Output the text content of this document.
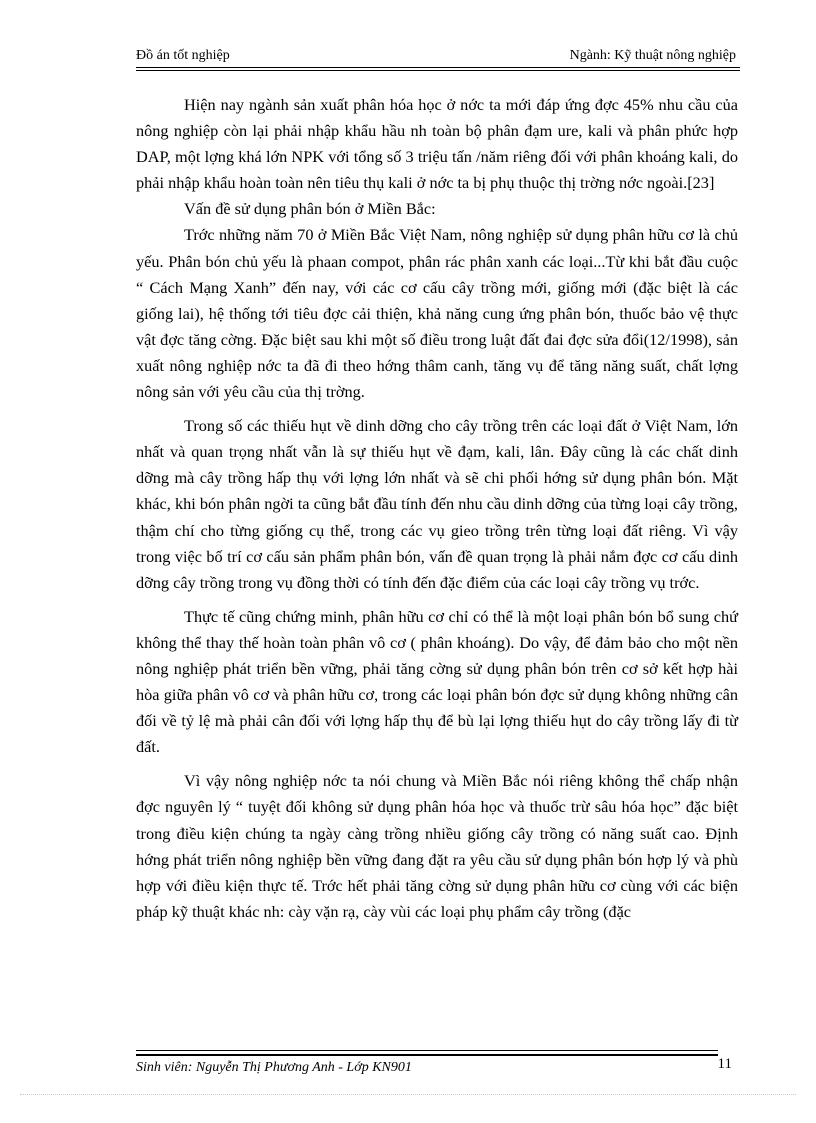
Đồ án tốt nghiệp	Ngành: Kỹ thuật nông nghiệp

Hiện nay ngành sản xuất phân hóa học ở nớc ta mới đáp ứng đợc 45% nhu cầu của nông nghiệp còn lại phải nhập khẩu hầu nh toàn bộ phân đạm ure, kali và phân phức hợp DAP, một lợng khá lớn NPK với tổng số 3 triệu tấn /năm riêng đối với phân khoáng kali, do phải nhập khẩu hoàn toàn nên tiêu thụ kali ở nớc ta bị phụ thuộc thị trờng nớc ngoài.[23]

Vấn đề sử dụng phân bón ở Miền Bắc:

Trớc những năm 70 ở Miền Bắc Việt Nam, nông nghiệp sử dụng phân hữu cơ là chủ yếu. Phân bón chủ yếu là phaan compot, phân rác phân xanh các loại...Từ khi bắt đầu cuộc “ Cách Mạng Xanh” đến nay, với các cơ cấu cây trồng mới, giống mới (đặc biệt là các giống lai), hệ thống tới tiêu đợc cải thiện, khả năng cung ứng phân bón, thuốc bảo vệ thực vật đợc tăng cờng. Đặc biệt sau khi một số điều trong luật đất đai đợc sửa đổi(12/1998), sản xuất nông nghiệp nớc ta đã đi theo hớng thâm canh, tăng vụ để tăng năng suất, chất lợng nông sản với yêu cầu của thị trờng.

Trong số các thiếu hụt về dinh dỡng cho cây trồng trên các loại đất ở Việt Nam, lớn nhất và quan trọng nhất vẫn là sự thiếu hụt về đạm, kali, lân. Đây cũng là các chất dinh dỡng mà cây trồng hấp thụ với lợng lớn nhất và sẽ chi phối hớng sử dụng phân bón. Mặt khác, khi bón phân ngời ta cũng bắt đầu tính đến nhu cầu dinh dỡng của từng loại cây trồng, thậm chí cho từng giống cụ thể, trong các vụ gieo trồng trên từng loại đất riêng. Vì vậy trong việc bố trí cơ cấu sản phẩm phân bón, vấn đề quan trọng là phải nắm đợc cơ cấu dinh dỡng cây trồng trong vụ đồng thời có tính đến đặc điểm của các loại cây trồng vụ trớc.

Thực tế cũng chứng minh, phân hữu cơ chỉ có thể là một loại phân bón bổ sung chứ không thể thay thế hoàn toàn phân vô cơ ( phân khoáng). Do vậy, để đảm bảo cho một nền nông nghiệp phát triển bền vững, phải tăng cờng sử dụng phân bón trên cơ sở kết hợp hài hòa giữa phân vô cơ và phân hữu cơ, trong các loại phân bón đợc sử dụng không những cân đối về tỷ lệ mà phải cân đối với lợng hấp thụ để bù lại lợng thiếu hụt do cây trồng lấy đi từ đất.

Vì vậy nông nghiệp nớc ta nói chung và Miền Bắc nói riêng không thể chấp nhận đợc nguyên lý “ tuyệt đối không sử dụng phân hóa học và thuốc trừ sâu hóa học” đặc biệt trong điều kiện chúng ta ngày càng trồng nhiều giống cây trồng có năng suất cao. Định hớng phát triển nông nghiệp bền vững đang đặt ra yêu cầu sử dụng phân bón hợp lý và phù hợp với điều kiện thực tế. Trớc hết phải tăng cờng sử dụng phân hữu cơ cùng với các biện pháp kỹ thuật khác nh: cày vặn rạ, cày vùi các loại phụ phẩm cây trồng (đặc

Sinh viên: Nguyễn Thị Phương Anh - Lớp KN901	11
